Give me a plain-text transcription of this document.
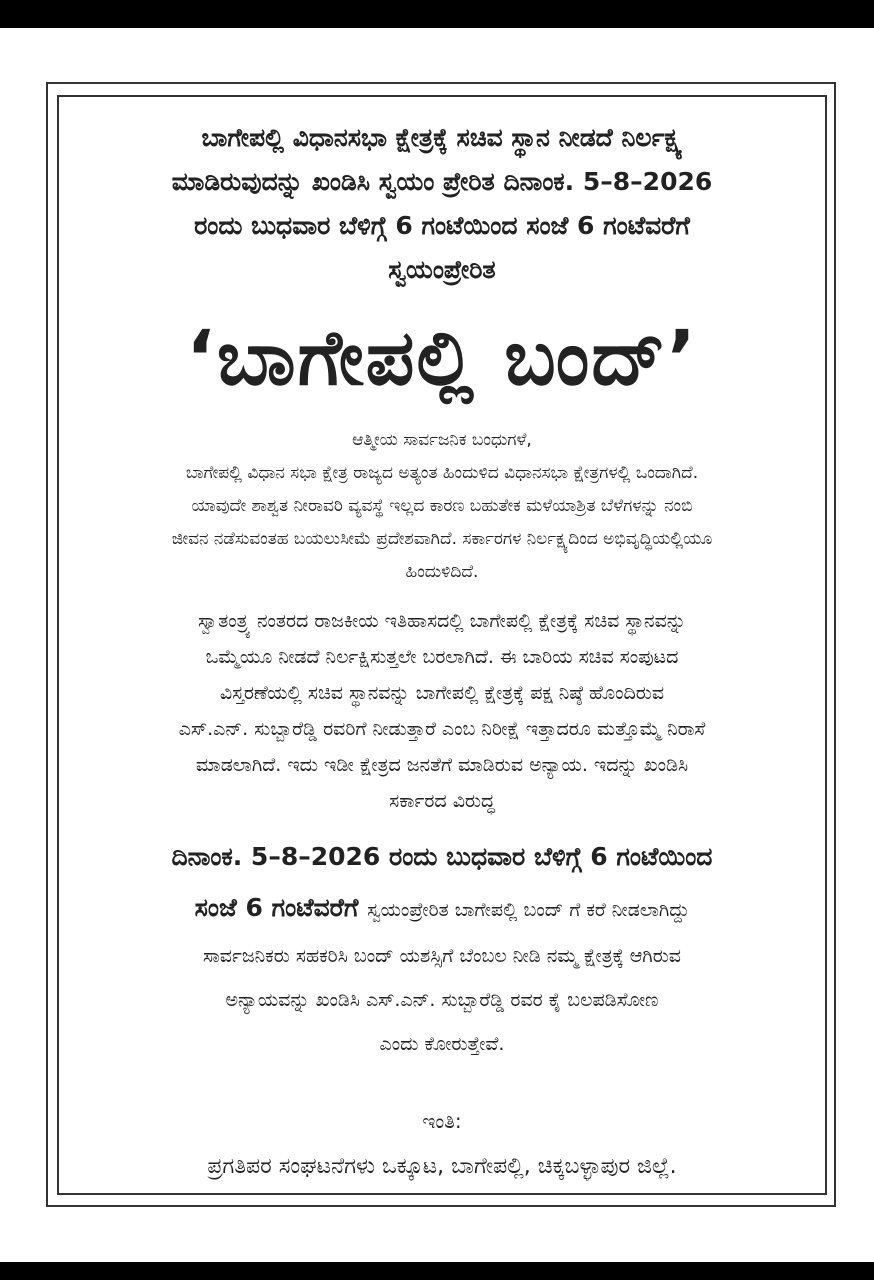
ಬಾಗೇಪಲ್ಲಿ ವಿಧಾನಸಭಾ ಕ್ಷೇತ್ರಕ್ಕೆ ಸಚಿವ ಸ್ಥಾನ ನೀಡದೆ ನಿರ್ಲಕ್ಷ್ಯ
ಮಾಡಿರುವುದನ್ನು ಖಂಡಿಸಿ ಸ್ವಯಂ ಪ್ರೇರಿತ ದಿನಾಂಕ. 5–8–2026
ರಂದು ಬುಧವಾರ ಬೆಳಿಗ್ಗೆ 6 ಗಂಟೆಯಿಂದ ಸಂಜೆ 6 ಗಂಟೆವರೆಗೆ
ಸ್ವಯಂಪ್ರೇರಿತ
‘ಬಾಗೇಪಲ್ಲಿ ಬಂದ್’
ಆತ್ಮೀಯ ಸಾರ್ವಜನಿಕ ಬಂಧುಗಳೆ,
ಬಾಗೇಪಲ್ಲಿ ವಿಧಾನ ಸಭಾ ಕ್ಷೇತ್ರ ರಾಜ್ಯದ ಅತ್ಯಂತ ಹಿಂದುಳಿದ ವಿಧಾನಸಭಾ ಕ್ಷೇತ್ರಗಳಲ್ಲಿ ಒಂದಾಗಿದೆ.
ಯಾವುದೇ ಶಾಶ್ವತ ನೀರಾವರಿ ವ್ಯವಸ್ಥೆ ಇಲ್ಲದ ಕಾರಣ ಬಹುತೇಕ ಮಳೆಯಾಶ್ರಿತ ಬೆಳೆಗಳನ್ನು ನಂಬಿ
ಜೀವನ ನಡೆಸುವಂತಹ ಬಯಲುಸೀಮೆ ಪ್ರದೇಶವಾಗಿದೆ. ಸರ್ಕಾರಗಳ ನಿರ್ಲಕ್ಷ್ಯದಿಂದ ಅಭಿವೃದ್ಧಿಯಲ್ಲಿಯೂ
ಹಿಂದುಳಿದಿದೆ.
ಸ್ವಾತಂತ್ರ್ಯ ನಂತರದ ರಾಜಕೀಯ ಇತಿಹಾಸದಲ್ಲಿ ಬಾಗೇಪಲ್ಲಿ ಕ್ಷೇತ್ರಕ್ಕೆ ಸಚಿವ ಸ್ಥಾನವನ್ನು
ಒಮ್ಮೆಯೂ ನೀಡದೆ ನಿರ್ಲಕ್ಷಿಸುತ್ತಲೇ ಬರಲಾಗಿದೆ. ಈ ಬಾರಿಯ ಸಚಿವ ಸಂಪುಟದ
ವಿಸ್ತರಣೆಯಲ್ಲಿ ಸಚಿವ ಸ್ಥಾನವನ್ನು ಬಾಗೇಪಲ್ಲಿ ಕ್ಷೇತ್ರಕ್ಕೆ ಪಕ್ಷ ನಿಷ್ಠೆ ಹೊಂದಿರುವ
ಎಸ್.ಎನ್. ಸುಬ್ಬಾರೆಡ್ಡಿ ರವರಿಗೆ ನೀಡುತ್ತಾರೆ ಎಂಬ ನಿರೀಕ್ಷೆ ಇತ್ತಾದರೂ ಮತ್ತೊಮ್ಮೆ ನಿರಾಸೆ
ಮಾಡಲಾಗಿದೆ. ಇದು ಇಡೀ ಕ್ಷೇತ್ರದ ಜನತೆಗೆ ಮಾಡಿರುವ ಅನ್ಯಾಯ. ಇದನ್ನು ಖಂಡಿಸಿ
ಸರ್ಕಾರದ ವಿರುದ್ಧ
ದಿನಾಂಕ. 5–8–2026 ರಂದು ಬುಧವಾರ ಬೆಳಿಗ್ಗೆ 6 ಗಂಟೆಯಿಂದ
ಸಂಜೆ 6 ಗಂಟೆವರೆಗೆ ಸ್ವಯಂಪ್ರೇರಿತ ಬಾಗೇಪಲ್ಲಿ ಬಂದ್ ಗೆ ಕರೆ ನೀಡಲಾಗಿದ್ದು
ಸಾರ್ವಜನಿಕರು ಸಹಕರಿಸಿ ಬಂದ್ ಯಶಸ್ಸಿಗೆ ಬೆಂಬಲ ನೀಡಿ ನಮ್ಮ ಕ್ಷೇತ್ರಕ್ಕೆ ಆಗಿರುವ
ಅನ್ಯಾಯವನ್ನು ಖಂಡಿಸಿ ಎಸ್.ಎನ್. ಸುಬ್ಬಾರೆಡ್ಡಿ ರವರ ಕೈ ಬಲಪಡಿಸೋಣ
ಎಂದು ಕೋರುತ್ತೇವೆ.
ಇಂತಿ:
ಪ್ರಗತಿಪರ ಸಂಘಟನೆಗಳು ಒಕ್ಕೂಟ, ಬಾಗೇಪಲ್ಲಿ, ಚಿಕ್ಕಬಳ್ಳಾಪುರ ಜಿಲ್ಲೆ.
